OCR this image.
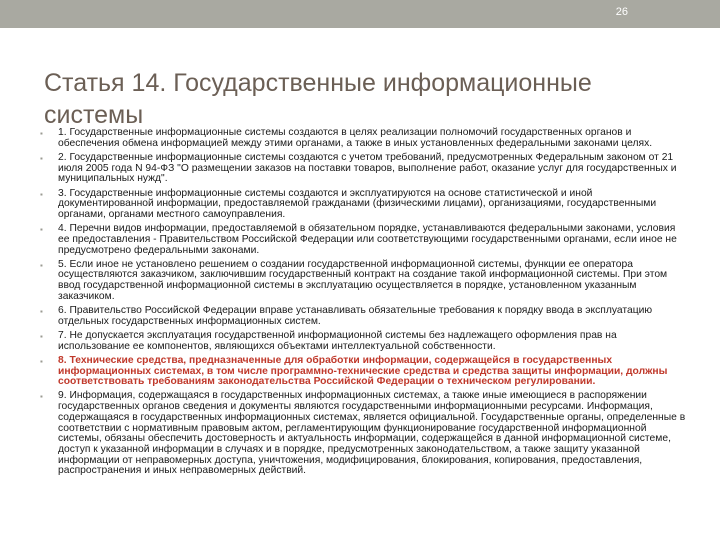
26
Статья 14. Государственные информационные системы
▪ 1. Государственные информационные системы создаются в целях реализации полномочий государственных органов и обеспечения обмена информацией между этими органами, а также в иных установленных федеральными законами целях.
▪ 2. Государственные информационные системы создаются с учетом требований, предусмотренных Федеральным законом от 21 июля 2005 года N 94-ФЗ "О размещении заказов на поставки товаров, выполнение работ, оказание услуг для государственных и муниципальных нужд".
▪ 3. Государственные информационные системы создаются и эксплуатируются на основе статистической и иной документированной информации, предоставляемой гражданами (физическими лицами), организациями, государственными органами, органами местного самоуправления.
▪ 4. Перечни видов информации, предоставляемой в обязательном порядке, устанавливаются федеральными законами, условия ее предоставления - Правительством Российской Федерации или соответствующими государственными органами, если иное не предусмотрено федеральными законами.
▪ 5. Если иное не установлено решением о создании государственной информационной системы, функции ее оператора осуществляются заказчиком, заключившим государственный контракт на создание такой информационной системы. При этом ввод государственной информационной системы в эксплуатацию осуществляется в порядке, установленном указанным заказчиком.
▪ 6. Правительство Российской Федерации вправе устанавливать обязательные требования к порядку ввода в эксплуатацию отдельных государственных информационных систем.
▪ 7. Не допускается эксплуатация государственной информационной системы без надлежащего оформления прав на использование ее компонентов, являющихся объектами интеллектуальной собственности.
▪ 8. Технические средства, предназначенные для обработки информации, содержащейся в государственных информационных системах, в том числе программно-технические средства и средства защиты информации, должны соответствовать требованиям законодательства Российской Федерации о техническом регулировании.
▪ 9. Информация, содержащаяся в государственных информационных системах, а также иные имеющиеся в распоряжении государственных органов сведения и документы являются государственными информационными ресурсами. Информация, содержащаяся в государственных информационных системах, является официальной. Государственные органы, определенные в соответствии с нормативным правовым актом, регламентирующим функционирование государственной информационной системы, обязаны обеспечить достоверность и актуальность информации, содержащейся в данной информационной системе, доступ к указанной информации в случаях и в порядке, предусмотренных законодательством, а также защиту указанной информации от неправомерных доступа, уничтожения, модифицирования, блокирования, копирования, предоставления, распространения и иных неправомерных действий.
